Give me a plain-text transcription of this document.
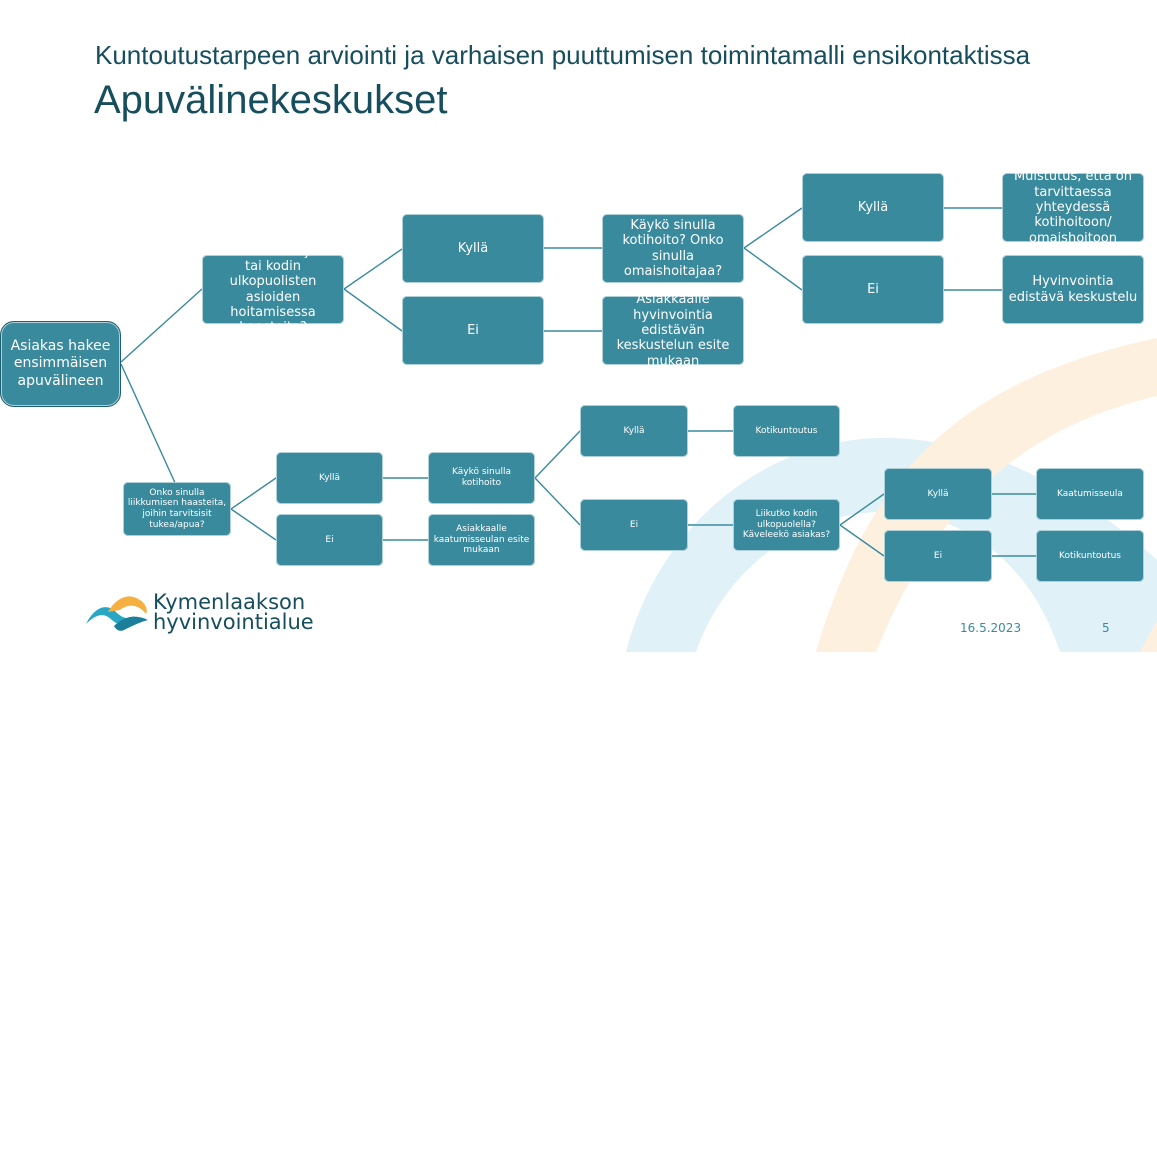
Kuntoutustarpeen arviointi ja varhaisen puuttumisen toimintamalli ensikontaktissa
Apuvälinekeskukset
Asiakas hakee ensimmäisen apuvälineen
Onko sinulla arjessa tai kodin ulkopuolisten asioiden hoitamisessa haasteita?
Kyllä
Ei
Käykö sinulla kotihoito? Onko sinulla omaishoitajaa?
Asiakkaalle hyvinvointia edistävän keskustelun esite mukaan
Kyllä
Ei
Muistutus, että on tarvittaessa yhteydessä kotihoitoon/ omaishoitoon
Hyvinvointia edistävä keskustelu
Onko sinulla liikkumisen haasteita, joihin tarvitsisit tukea/apua?
Kyllä
Ei
Käykö sinulla kotihoito
Asiakkaalle kaatumisseulan esite mukaan
Kyllä
Ei
Kotikuntoutus
Liikutko kodin ulkopuolella? Käveleekö asiakas?
Kyllä
Ei
Kaatumisseula
Kotikuntoutus
Kymenlaakson
hyvinvointialue	16.5.2023	5
